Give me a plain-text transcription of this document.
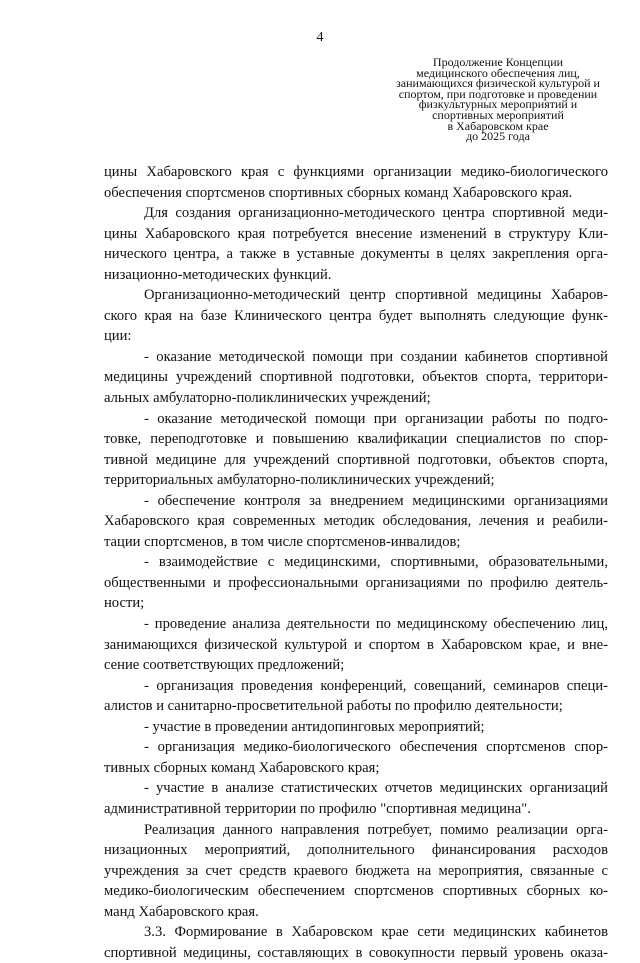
4
Продолжение Концепции
медицинского обеспечения лиц,
занимающихся физической культурой и
спортом, при подготовке и проведении
физкультурных мероприятий и
спортивных мероприятий
в Хабаровском крае
до 2025 года
цины Хабаровского края с функциями организации медико-биологического
обеспечения спортсменов спортивных сборных команд Хабаровского края.
Для создания организационно-методического центра спортивной меди-
цины Хабаровского края потребуется внесение изменений в структуру Кли-
нического центра, а также в уставные документы в целях закрепления орга-
низационно-методических функций.
Организационно-методический центр спортивной медицины Хабаров-
ского края на базе Клинического центра будет выполнять следующие функ-
ции:
- оказание методической помощи при создании кабинетов спортивной
медицины учреждений спортивной подготовки, объектов спорта, территори-
альных амбулаторно-поликлинических учреждений;
- оказание методической помощи при организации работы по подго-
товке, переподготовке и повышению квалификации специалистов по спор-
тивной медицине для учреждений спортивной подготовки, объектов спорта,
территориальных амбулаторно-поликлинических учреждений;
- обеспечение контроля за внедрением медицинскими организациями
Хабаровского края современных методик обследования, лечения и реабили-
тации спортсменов, в том числе спортсменов-инвалидов;
- взаимодействие с медицинскими, спортивными, образовательными,
общественными и профессиональными организациями по профилю деятель-
ности;
- проведение анализа деятельности по медицинскому обеспечению лиц,
занимающихся физической культурой и спортом в Хабаровском крае, и вне-
сение соответствующих предложений;
- организация проведения конференций, совещаний, семинаров специ-
алистов и санитарно-просветительной работы по профилю деятельности;
- участие в проведении антидопинговых мероприятий;
- организация медико-биологического обеспечения спортсменов спор-
тивных сборных команд Хабаровского края;
- участие в анализе статистических отчетов медицинских организаций
административной территории по профилю "спортивная медицина".
Реализация данного направления потребует, помимо реализации орга-
низационных мероприятий, дополнительного финансирования расходов
учреждения за счет средств краевого бюджета на мероприятия, связанные с
медико-биологическим обеспечением спортсменов спортивных сборных ко-
манд Хабаровского края.
3.3. Формирование в Хабаровском крае сети медицинских кабинетов
спортивной медицины, составляющих в совокупности первый уровень оказа-
